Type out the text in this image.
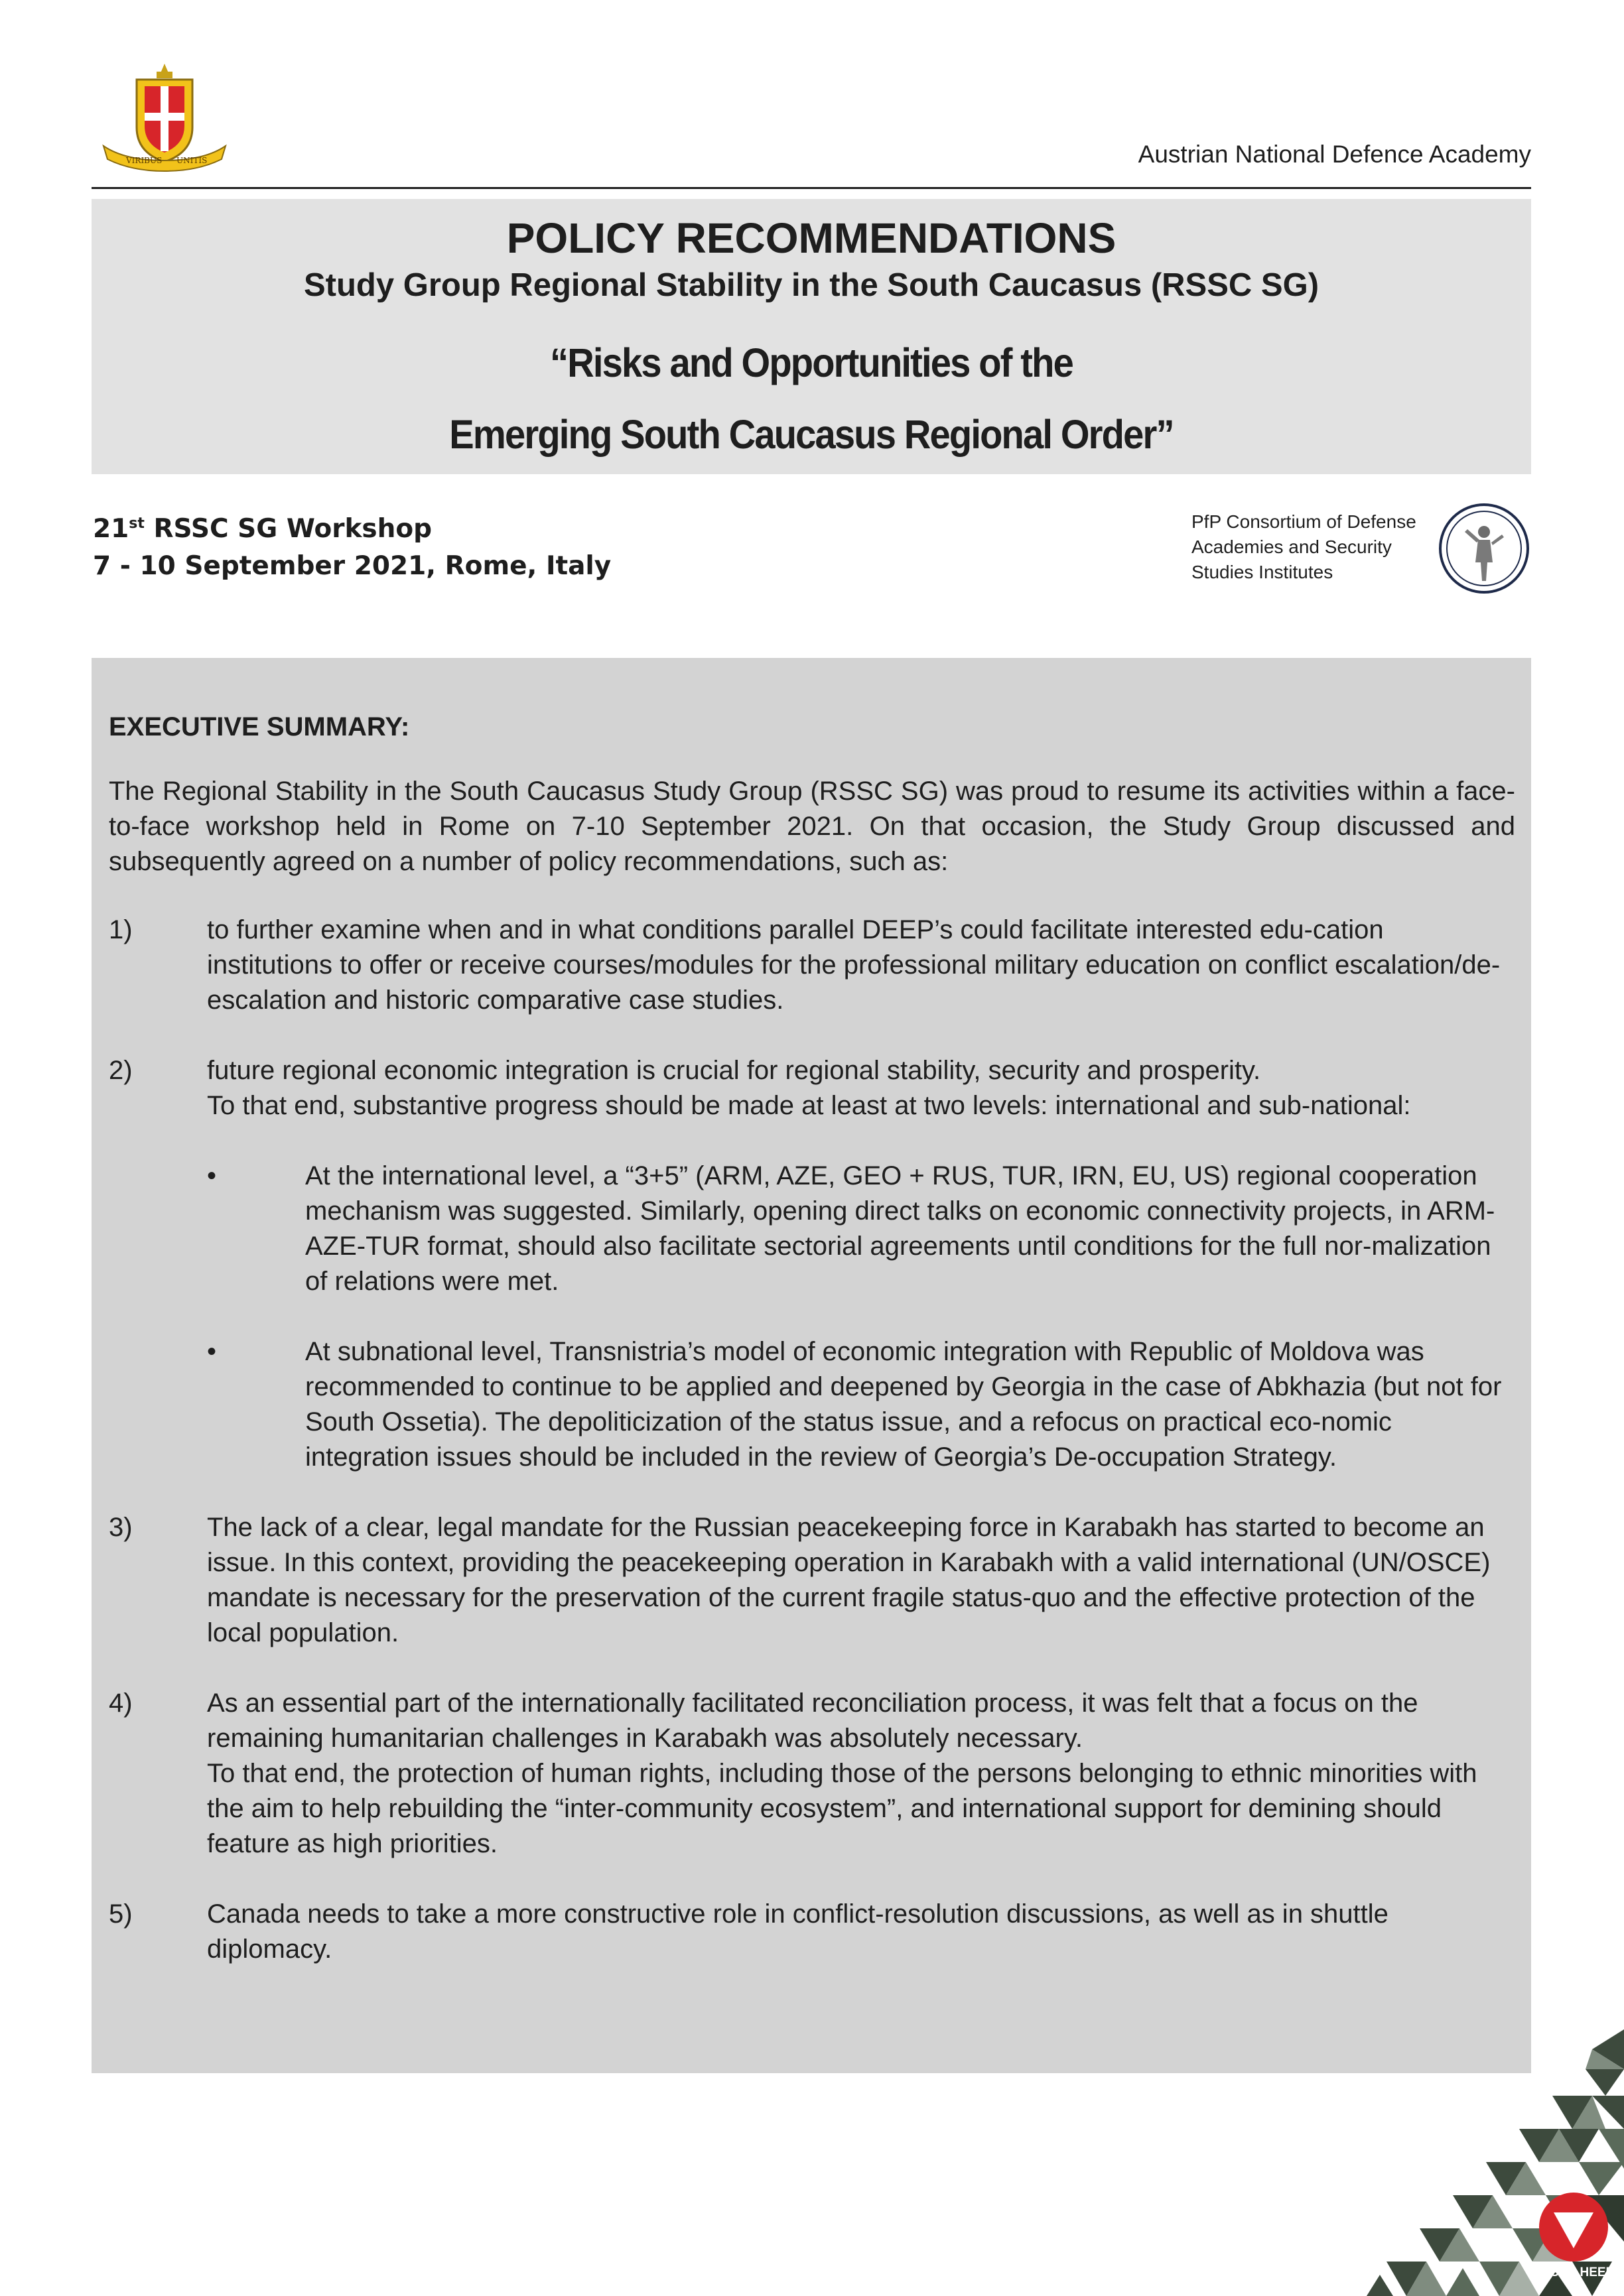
VIRIBUS UNITIS	Austrian National Defence Academy
POLICY RECOMMENDATIONS
Study Group Regional Stability in the South Caucasus (RSSC SG)
“Risks and Opportunities of the
Emerging South Caucasus Regional Order”
21st RSSC SG Workshop
7 - 10 September 2021, Rome, Italy
PfP Consortium of Defense
Academies and Security
Studies Institutes
EXECUTIVE SUMMARY:
The Regional Stability in the South Caucasus Study Group (RSSC SG) was proud to resume its activities within a face-to-face workshop held in Rome on 7-10 September 2021. On that occasion, the Study Group discussed and subsequently agreed on a number of policy recommendations, such as:
1)	to further examine when and in what conditions parallel DEEP’s could facilitate interested edu-cation institutions to offer or receive courses/modules for the professional military education on conflict escalation/de-escalation and historic comparative case studies.
2)	future regional economic integration is crucial for regional stability, security and prosperity.
To that end, substantive progress should be made at least at two levels: international and sub-national:
•	At the international level, a “3+5” (ARM, AZE, GEO + RUS, TUR, IRN, EU, US) regional cooperation mechanism was suggested. Similarly, opening direct talks on economic connectivity projects, in ARM-AZE-TUR format, should also facilitate sectorial agreements until conditions for the full nor-malization of relations were met.
•	At subnational level, Transnistria’s model of economic integration with Republic of Moldova was recommended to continue to be applied and deepened by Georgia in the case of Abkhazia (but not for South Ossetia). The depoliticization of the status issue, and a refocus on practical eco-nomic integration issues should be included in the review of Georgia’s De-occupation Strategy.
3)	The lack of a clear, legal mandate for the Russian peacekeeping force in Karabakh has started to become an issue. In this context, providing the peacekeeping operation in Karabakh with a valid international (UN/OSCE) mandate is necessary for the preservation of the current fragile status-quo and the effective protection of the local population.
4)	As an essential part of the internationally facilitated reconciliation process, it was felt that a focus on the remaining humanitarian challenges in Karabakh was absolutely necessary.
To that end, the protection of human rights, including those of the persons belonging to ethnic minorities with the aim to help rebuilding the “inter-community ecosystem”, and international support for demining should feature as high priorities.
5)	Canada needs to take a more constructive role in conflict-resolution discussions, as well as in shuttle diplomacy.
UNSER HEER
